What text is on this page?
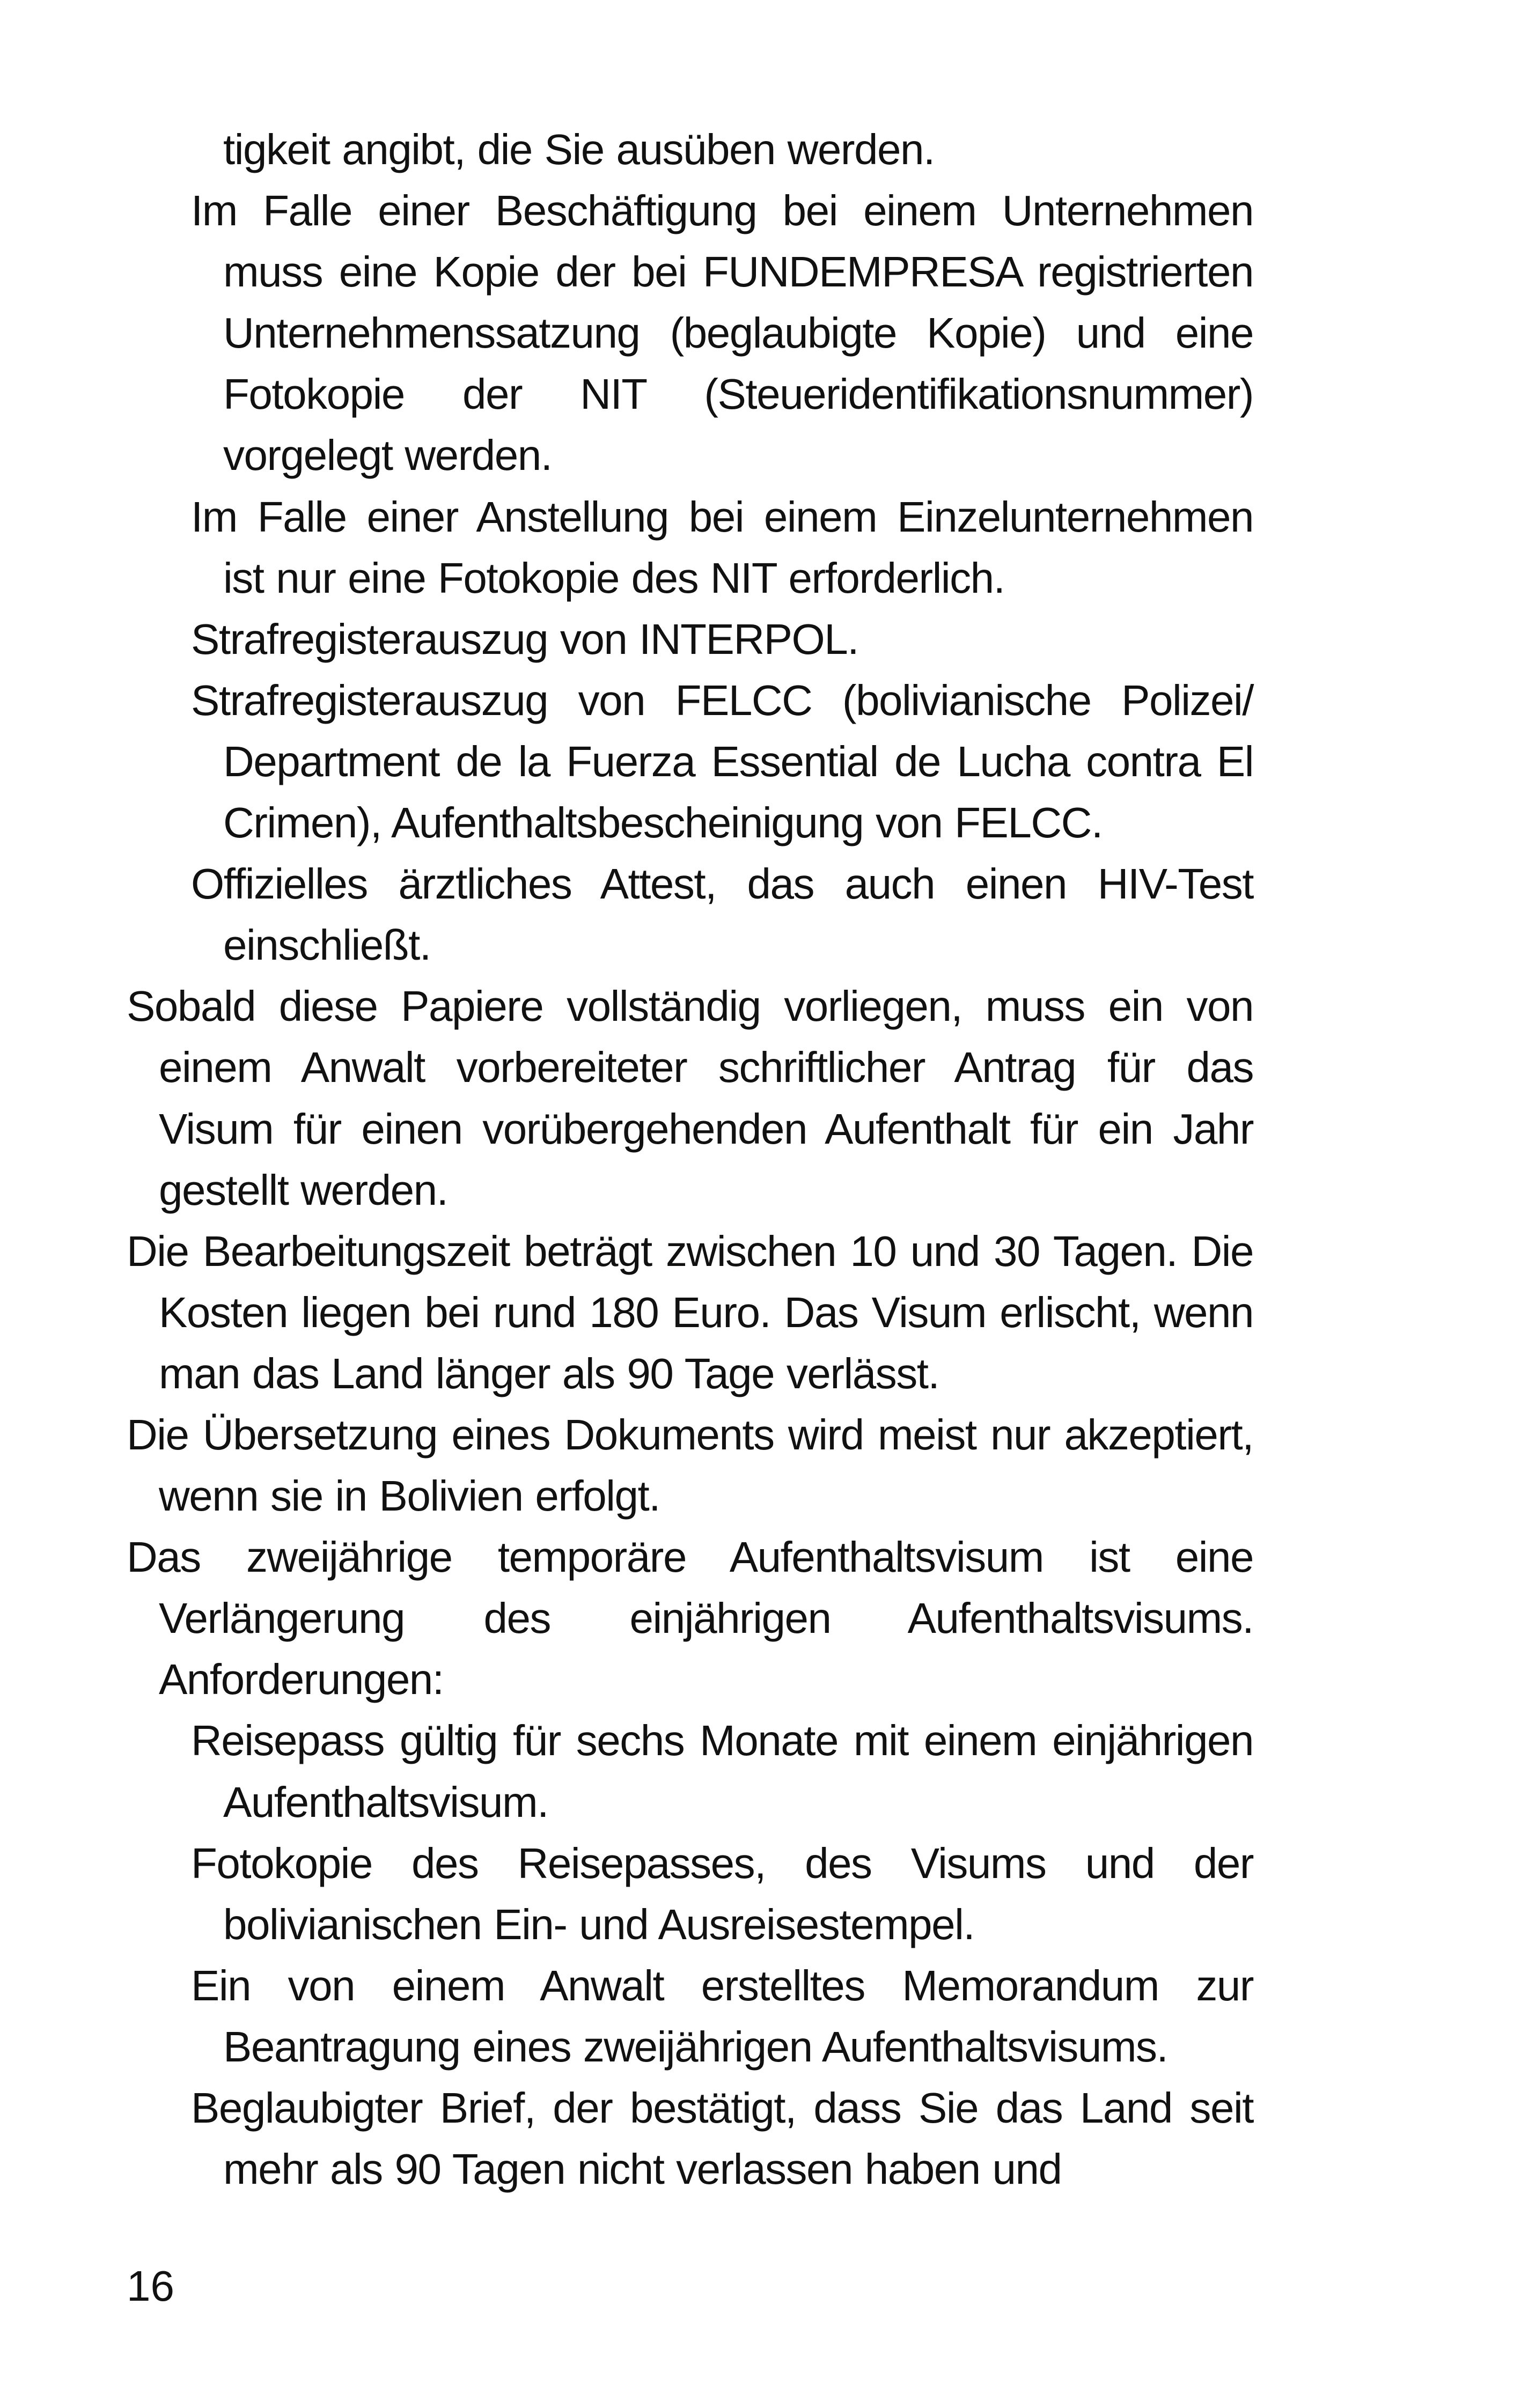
tigkeit angibt, die Sie ausüben werden.

Im Falle einer Beschäftigung bei einem Unternehmen muss eine Kopie der bei FUNDEMPRESA registrierten Unternehmenssatzung (beglaubigte Kopie) und eine Fotokopie der NIT (Steueridentifikationsnummer) vorgelegt werden.

Im Falle einer Anstellung bei einem Einzelunternehmen ist nur eine Fotokopie des NIT erforderlich.

Strafregisterauszug von INTERPOL.

Strafregisterauszug von FELCC (bolivianische Polizei/ Department de la Fuerza Essential de Lucha contra El Crimen), Aufenthaltsbescheinigung von FELCC.

Offizielles ärztliches Attest, das auch einen HIV-Test einschließt.

Sobald diese Papiere vollständig vorliegen, muss ein von einem Anwalt vorbereiteter schriftlicher Antrag für das Visum für einen vorübergehenden Aufenthalt für ein Jahr gestellt werden.

Die Bearbeitungszeit beträgt zwischen 10 und 30 Tagen. Die Kosten liegen bei rund 180 Euro. Das Visum erlischt, wenn man das Land länger als 90 Tage verlässt.

Die Übersetzung eines Dokuments wird meist nur akzeptiert, wenn sie in Bolivien erfolgt.

Das zweijährige temporäre Aufenthaltsvisum ist eine Verlängerung des einjährigen Aufenthaltsvisums. Anforderungen:

Reisepass gültig für sechs Monate mit einem einjährigen Aufenthaltsvisum.

Fotokopie des Reisepasses, des Visums und der bolivianischen Ein- und Ausreisestempel.

Ein von einem Anwalt erstelltes Memorandum zur Beantragung eines zweijährigen Aufenthaltsvisums.

Beglaubigter Brief, der bestätigt, dass Sie das Land seit mehr als 90 Tagen nicht verlassen haben und

16
